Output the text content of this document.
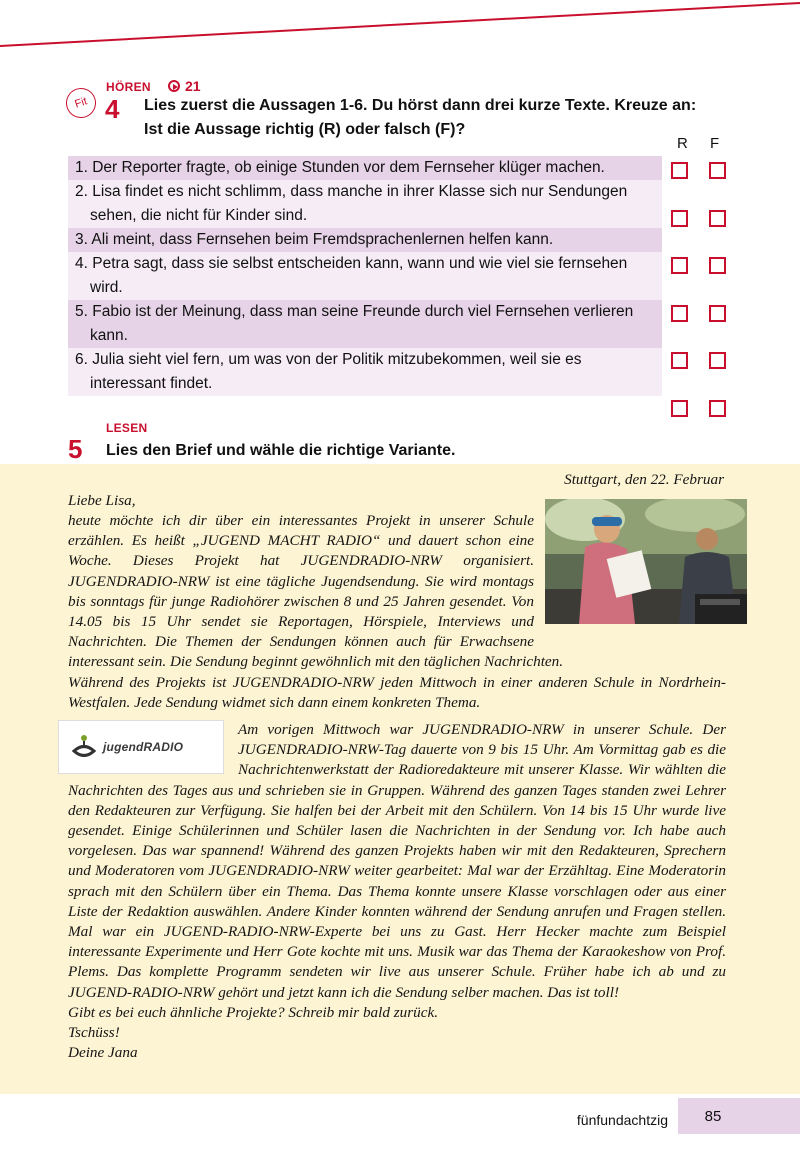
HÖREN 21
Fit 4 Lies zuerst die Aussagen 1-6. Du hörst dann drei kurze Texte. Kreuze an:
Ist die Aussage richtig (R) oder falsch (F)?
R F
1. Der Reporter fragte, ob einige Stunden vor dem Fernseher klüger machen.
2. Lisa findet es nicht schlimm, dass manche in ihrer Klasse sich nur Sendungen sehen, die nicht für Kinder sind.
3. Ali meint, dass Fernsehen beim Fremdsprachenlernen helfen kann.
4. Petra sagt, dass sie selbst entscheiden kann, wann und wie viel sie fernsehen wird.
5. Fabio ist der Meinung, dass man seine Freunde durch viel Fernsehen verlieren kann.
6. Julia sieht viel fern, um was von der Politik mitzubekommen, weil sie es interessant findet.
LESEN
5 Lies den Brief und wähle die richtige Variante.
Stuttgart, den 22. Februar
Liebe Lisa,

heute möchte ich dir über ein interessantes Projekt in unserer Schule erzählen. Es heißt „JUGEND MACHT RADIO“ und dauert schon eine Woche. Dieses Projekt hat JUGENDRADIO-NRW organisiert. JUGENDRADIO-NRW ist eine tägliche Jugendsendung. Sie wird montags bis sonntags für junge Radiohörer zwischen 8 und 25 Jahren gesendet. Von 14.05 bis 15 Uhr sendet sie Reportagen, Hörspiele, Interviews und Nachrichten. Die Themen der Sendungen können auch für Erwachsene interessant sein. Die Sendung beginnt gewöhnlich mit den täglichen Nachrichten.

Während des Projekts ist JUGENDRADIO-NRW jeden Mittwoch in einer anderen Schule in Nordrhein-Westfalen. Jede Sendung widmet sich dann einem konkreten Thema.

jugendRADIO

Am vorigen Mittwoch war JUGENDRADIO-NRW in unserer Schule. Der JUGENDRADIO-NRW-Tag dauerte von 9 bis 15 Uhr. Am Vormittag gab es die Nachrichtenwerkstatt der Radioredakteure mit unserer Klasse. Wir wählten die Nachrichten des Tages aus und schrieben sie in Gruppen. Während des ganzen Tages standen zwei Lehrer den Redakteuren zur Verfügung. Sie halfen bei der Arbeit mit den Schülern. Von 14 bis 15 Uhr wurde live gesendet. Einige Schülerinnen und Schüler lasen die Nachrichten in der Sendung vor. Ich habe auch vorgelesen. Das war spannend! Während des ganzen Projekts haben wir mit den Redakteuren, Sprechern und Moderatoren vom JUGENDRADIO-NRW weiter gearbeitet: Mal war der Erzähltag. Eine Moderatorin sprach mit den Schülern über ein Thema. Das Thema konnte unsere Klasse vorschlagen oder aus einer Liste der Redaktion auswählen. Andere Kinder konnten während der Sendung anrufen und Fragen stellen. Mal war ein JUGEND-RADIO-NRW-Experte bei uns zu Gast. Herr Hecker machte zum Beispiel interessante Experimente und Herr Gote kochte mit uns. Musik war das Thema der Karaokeshow von Prof. Plems. Das komplette Programm sendeten wir live aus unserer Schule. Früher habe ich ab und zu JUGEND-RADIO-NRW gehört und jetzt kann ich die Sendung selber machen. Das ist toll!

Gibt es bei euch ähnliche Projekte? Schreib mir bald zurück.

Tschüss!

Deine Jana

fünfundachtzig	85
